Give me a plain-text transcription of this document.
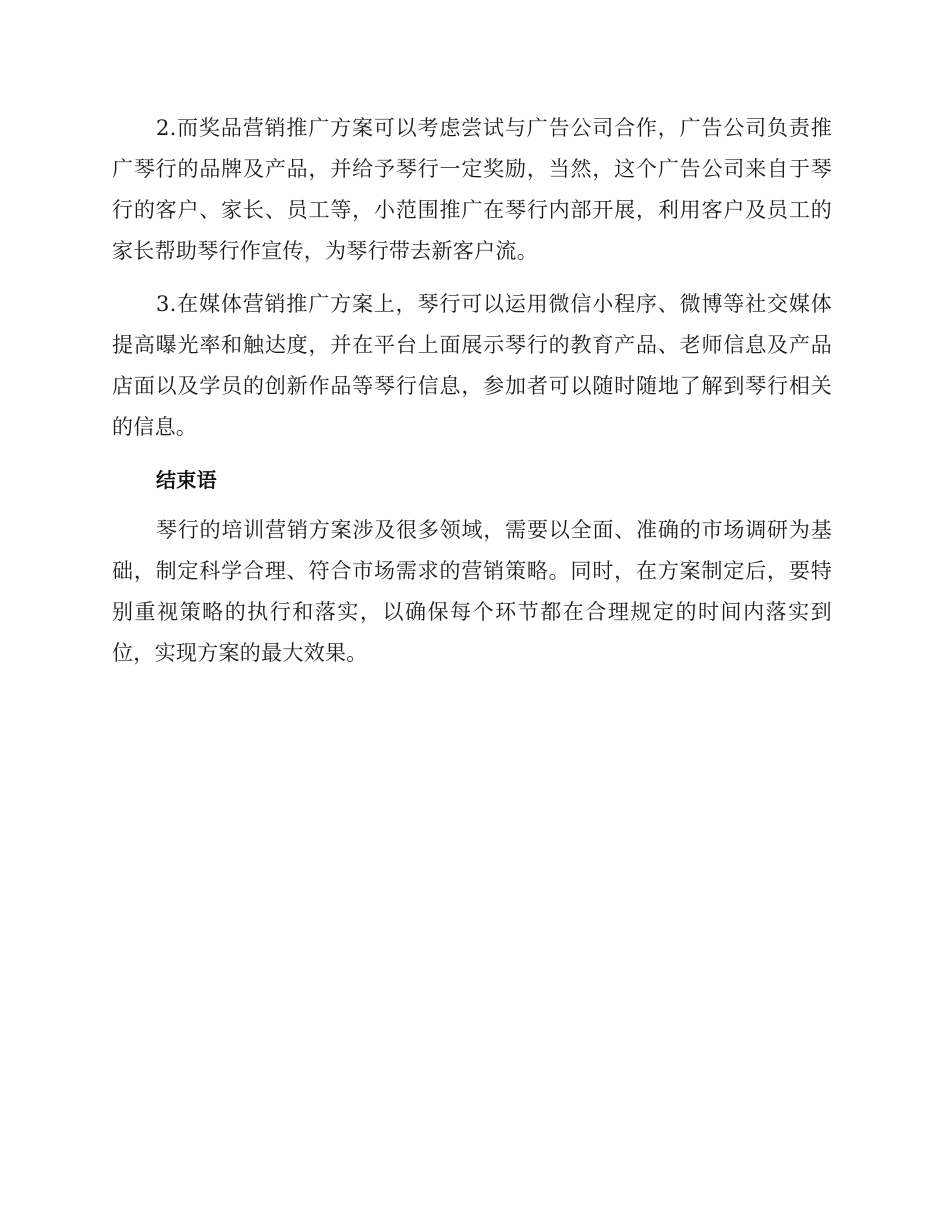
2.而奖品营销推广方案可以考虑尝试与广告公司合作，广告公司负责推广琴行的品牌及产品，并给予琴行一定奖励，当然，这个广告公司来自于琴行的客户、家长、员工等，小范围推广在琴行内部开展，利用客户及员工的家长帮助琴行作宣传，为琴行带去新客户流。

3.在媒体营销推广方案上，琴行可以运用微信小程序、微博等社交媒体提高曝光率和触达度，并在平台上面展示琴行的教育产品、老师信息及产品店面以及学员的创新作品等琴行信息，参加者可以随时随地了解到琴行相关的信息。

结束语

琴行的培训营销方案涉及很多领域，需要以全面、准确的市场调研为基础，制定科学合理、符合市场需求的营销策略。同时，在方案制定后，要特别重视策略的执行和落实，以确保每个环节都在合理规定的时间内落实到位，实现方案的最大效果。
